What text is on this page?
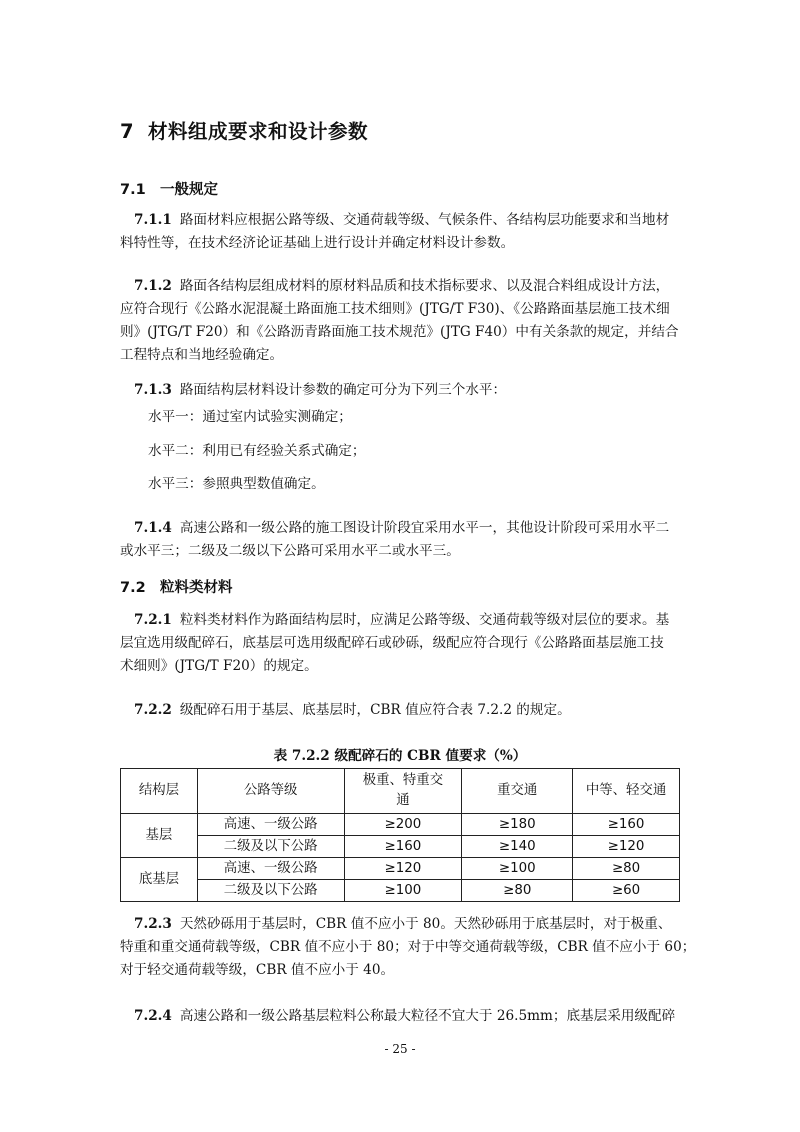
7 材料组成要求和设计参数
7.1 一般规定

7.1.1 路面材料应根据公路等级、交通荷载等级、气候条件、各结构层功能要求和当地材

料特性等，在技术经济论证基础上进行设计并确定材料设计参数。

7.1.2 路面各结构层组成材料的原材料品质和技术指标要求、以及混合料组成设计方法，

应符合现行《公路水泥混凝土路面施工技术细则》(JTG/T F30)、《公路路面基层施工技术细

则》(JTG/T F20）和《公路沥青路面施工技术规范》(JTG F40）中有关条款的规定，并结合

工程特点和当地经验确定。

7.1.3 路面结构层材料设计参数的确定可分为下列三个水平：

水平一：通过室内试验实测确定；
水平二：利用已有经验关系式确定；
水平三：参照典型数值确定。

7.1.4 高速公路和一级公路的施工图设计阶段宜采用水平一，其他设计阶段可采用水平二

或水平三；二级及二级以下公路可采用水平二或水平三。

7.2 粒料类材料

7.2.1 粒料类材料作为路面结构层时，应满足公路等级、交通荷载等级对层位的要求。基

层宜选用级配碎石，底基层可选用级配碎石或砂砾，级配应符合现行《公路路面基层施工技

术细则》(JTG/T F20）的规定。

7.2.2 级配碎石用于基层、底基层时，CBR 值应符合表 7.2.2 的规定。

表 7.2.2 级配碎石的 CBR 值要求（%）
结构层	公路等级	极重、特重交通	重交通	中等、轻交通
基层	高速、一级公路	≥200	≥180	≥160
	二级及以下公路	≥160	≥140	≥120
底基层	高速、一级公路	≥120	≥100	≥80
	二级及以下公路	≥100	≥80	≥60

7.2.3 天然砂砾用于基层时，CBR 值不应小于 80。天然砂砾用于底基层时，对于极重、

特重和重交通荷载等级，CBR 值不应小于 80；对于中等交通荷载等级，CBR 值不应小于 60；

对于轻交通荷载等级，CBR 值不应小于 40。

7.2.4 高速公路和一级公路基层粒料公称最大粒径不宜大于 26.5mm；底基层采用级配碎

- 25 -
